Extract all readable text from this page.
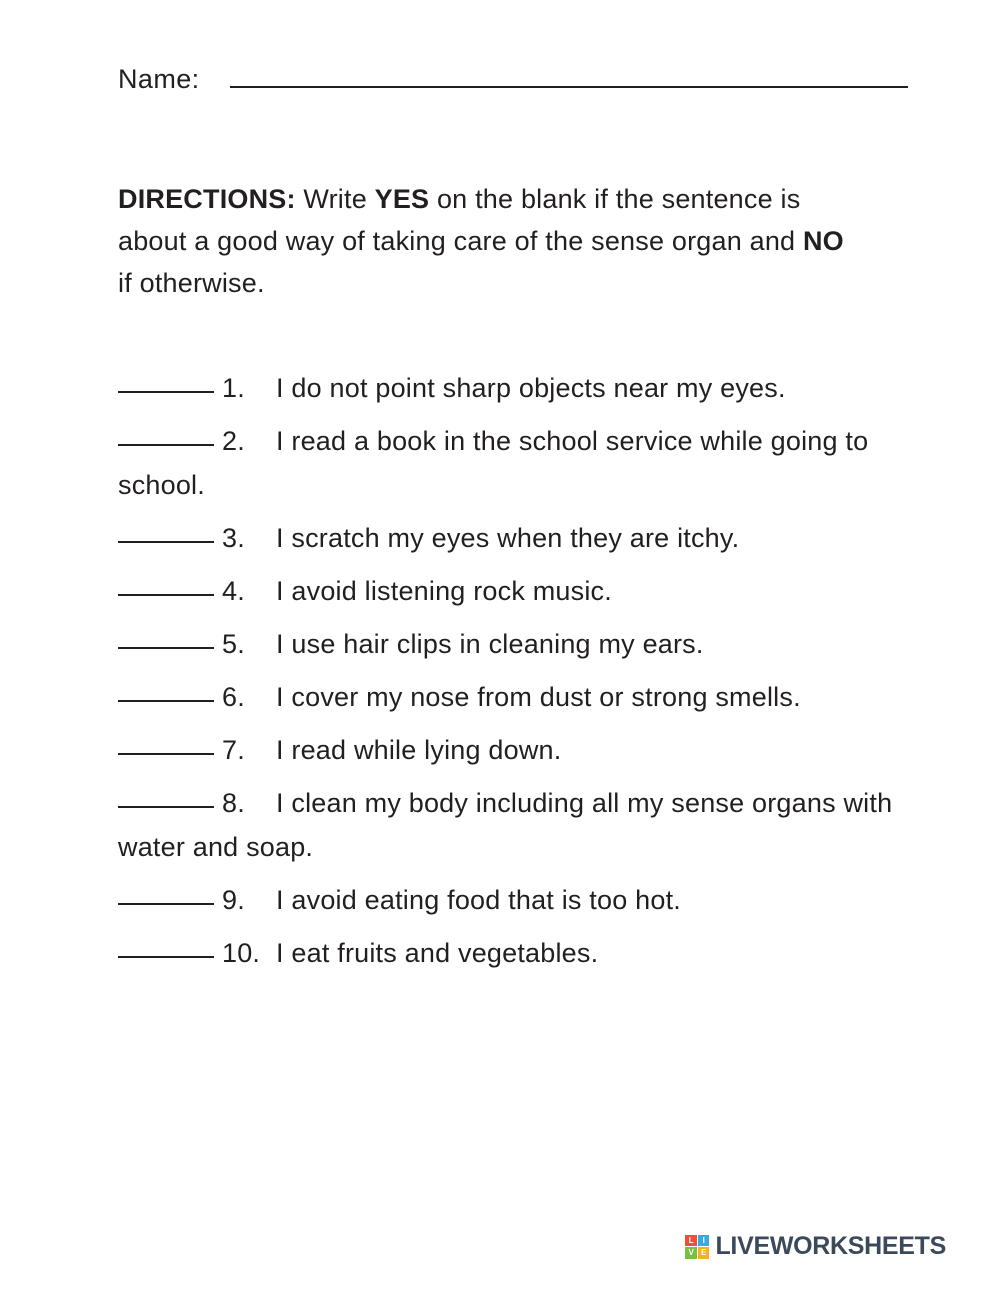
Name:
DIRECTIONS: Write YES on the blank if the sentence is about a good way of taking care of the sense organ and NO if otherwise.

1. I do not point sharp objects near my eyes.

2. I read a book in the school service while going to school.

3. I scratch my eyes when they are itchy.

4. I avoid listening rock music.

5. I use hair clips in cleaning my ears.

6. I cover my nose from dust or strong smells.

7. I read while lying down.

8. I clean my body including all my sense organs with water and soap.

9. I avoid eating food that is too hot.

10. I eat fruits and vegetables.

L	I
V E LIVEWORKSHEETS
